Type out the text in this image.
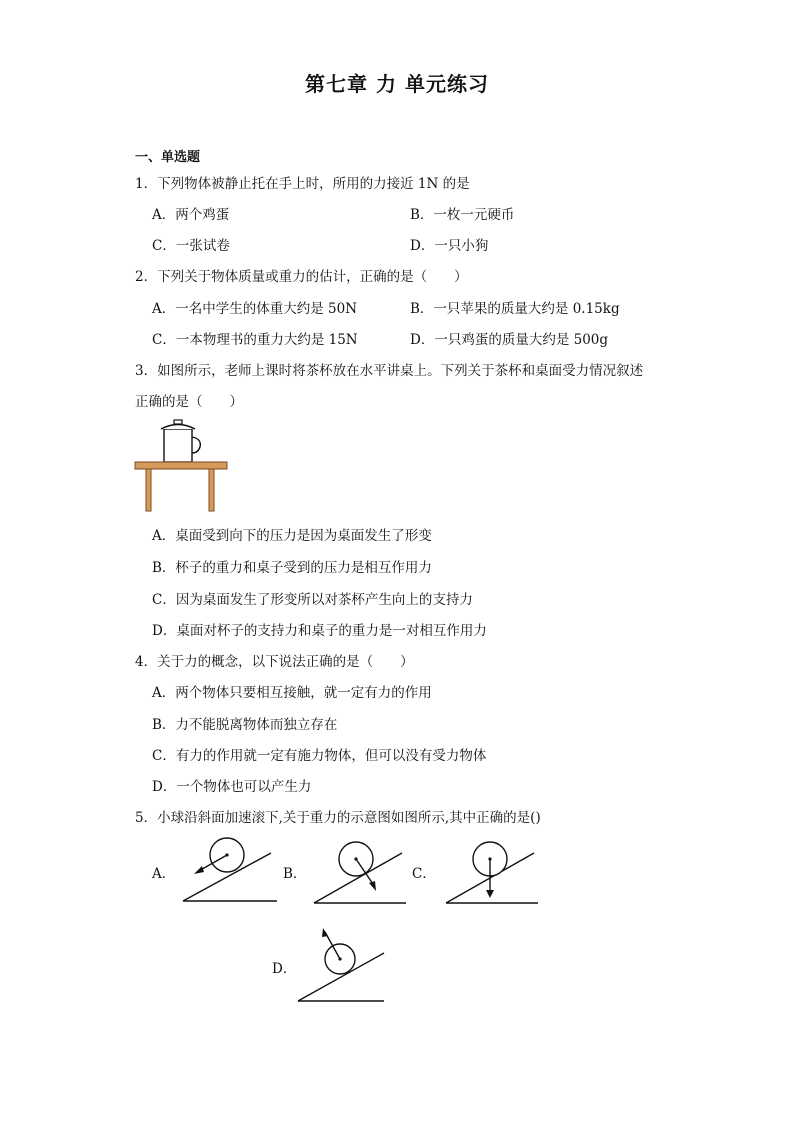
第七章 力 单元练习
一、单选题
1．下列物体被静止托在手上时，所用的力接近 1N 的是
A．两个鸡蛋	B．一枚一元硬币
C．一张试卷	D．一只小狗
2．下列关于物体质量或重力的估计，正确的是（　　）
A．一名中学生的体重大约是 50N	B．一只苹果的质量大约是 0.15kg
C．一本物理书的重力大约是 15N	D．一只鸡蛋的质量大约是 500g
3．如图所示，老师上课时将茶杯放在水平讲桌上。下列关于茶杯和桌面受力情况叙述
正确的是（　　）
A．桌面受到向下的压力是因为桌面发生了形变
B．杯子的重力和桌子受到的压力是相互作用力
C．因为桌面发生了形变所以对茶杯产生向上的支持力
D．桌面对杯子的支持力和桌子的重力是一对相互作用力
4．关于力的概念，以下说法正确的是（　　）
A．两个物体只要相互接触，就一定有力的作用
B．力不能脱离物体而独立存在
C．有力的作用就一定有施力物体，但可以没有受力物体
D．一个物体也可以产生力
5．小球沿斜面加速滚下,关于重力的示意图如图所示,其中正确的是()
A．	B．	C．
D．
